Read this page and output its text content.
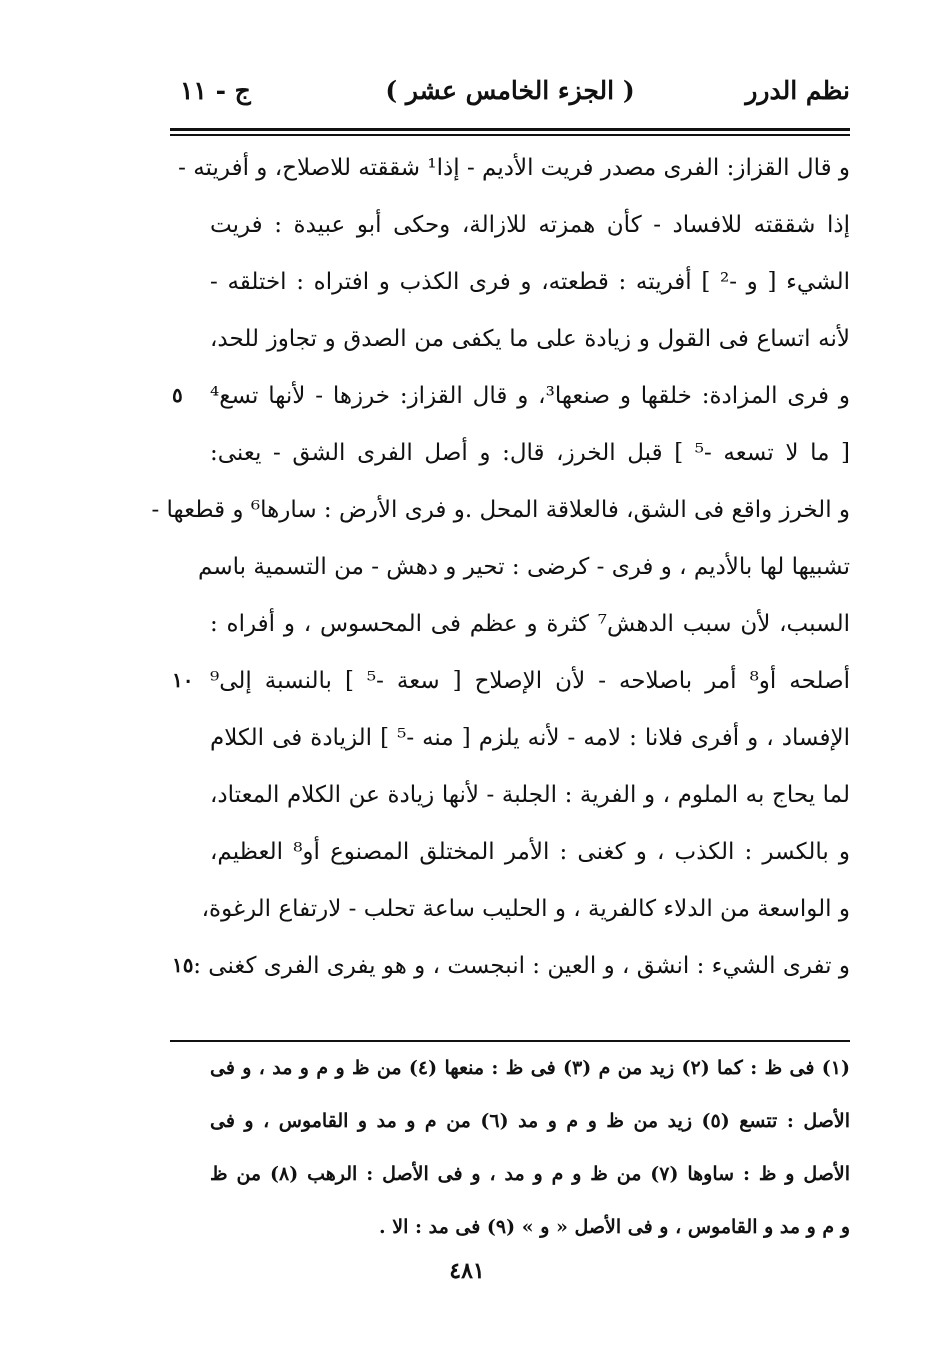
نظم الدرر
( الجزء الخامس عشر )
ج - ١١
و قال القزاز: الفرى مصدر فريت الأديم - إذا¹ شققته للاصلاح، و أفريته -
إذا شققته للافساد - كأن همزته للازالة، وحكى أبو عبيدة : فريت
الشيء [ و -² ] أفريته : قطعته، و فرى الكذب و افتراه : اختلقه -
لأنه اتساع فى القول و زيادة على ما يكفى من الصدق و تجاوز للحد،
و فرى المزادة: خلقها و صنعها³، و قال القزاز: خرزها - لأنها تسع⁴
[ ما لا تسعه -⁵ ] قبل الخرز، قال: و أصل الفرى الشق - يعنى:
و الخرز واقع فى الشق، فالعلاقة المحل .و فرى الأرض : سارها⁶ و قطعها -
تشبيها لها بالأديم ، و فرى - كرضى : تحير و دهش - من التسمية باسم
السبب، لأن سبب الدهش⁷ كثرة و عظم فى المحسوس ، و أفراه :
أصلحه أو⁸ أمر باصلاحه - لأن الإصلاح [ سعة -⁵ ] بالنسبة إلى⁹
الإفساد ، و أفرى فلانا : لامه - لأنه يلزم [ منه -⁵ ] الزيادة فى الكلام
لما يحاج به الملوم ، و الفرية : الجلبة - لأنها زيادة عن الكلام المعتاد،
و بالكسر : الكذب ، و كغنى : الأمر المختلق المصنوع أو⁸ العظيم،
و الواسعة من الدلاء كالفرية ، و الحليب ساعة تحلب - لارتفاع الرغوة،
و تفرى الشيء : انشق ، و العين : انبجست ، و هو يفرى الفرى كغنى :
٥
١٠
١٥
(١) فى ظ : كما (٢) زيد من م (٣) فى ظ : منعها (٤) من ظ و م و مد ، و فى
الأصل : تتسع (٥) زيد من ظ و م و مد (٦) من م و مد و القاموس ، و فى
الأصل و ظ : ساوها (٧) من ظ و م و مد ، و فى الأصل : الرهب (٨) من ظ
و م و مد و القاموس ، و فى الأصل « و » (٩) فى مد : الا .
٤٨١
